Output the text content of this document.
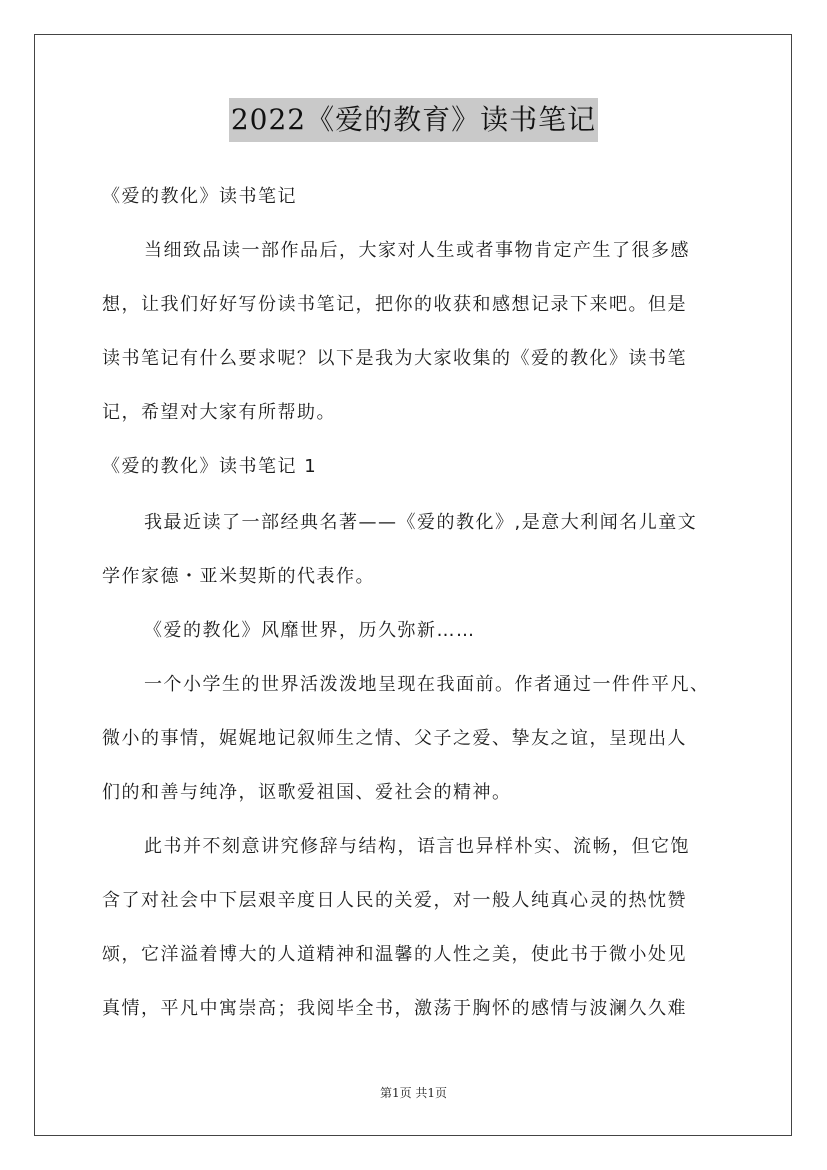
2022《爱的教育》读书笔记
《爱的教化》读书笔记
当细致品读一部作品后，大家对人生或者事物肯定产生了很多感
想，让我们好好写份读书笔记，把你的收获和感想记录下来吧。但是
读书笔记有什么要求呢？以下是我为大家收集的《爱的教化》读书笔
记，希望对大家有所帮助。
《爱的教化》读书笔记 1
我最近读了一部经典名著——《爱的教化》,是意大利闻名儿童文
学作家德・亚米契斯的代表作。
《爱的教化》风靡世界，历久弥新……
一个小学生的世界活泼泼地呈现在我面前。作者通过一件件平凡、
微小的事情，娓娓地记叙师生之情、父子之爱、挚友之谊，呈现出人
们的和善与纯净，讴歌爱祖国、爱社会的精神。
此书并不刻意讲究修辞与结构，语言也异样朴实、流畅，但它饱
含了对社会中下层艰辛度日人民的关爱，对一般人纯真心灵的热忱赞
颂，它洋溢着博大的人道精神和温馨的人性之美，使此书于微小处见
真情，平凡中寓崇高；我阅毕全书，激荡于胸怀的感情与波澜久久难
第1页 共1页
